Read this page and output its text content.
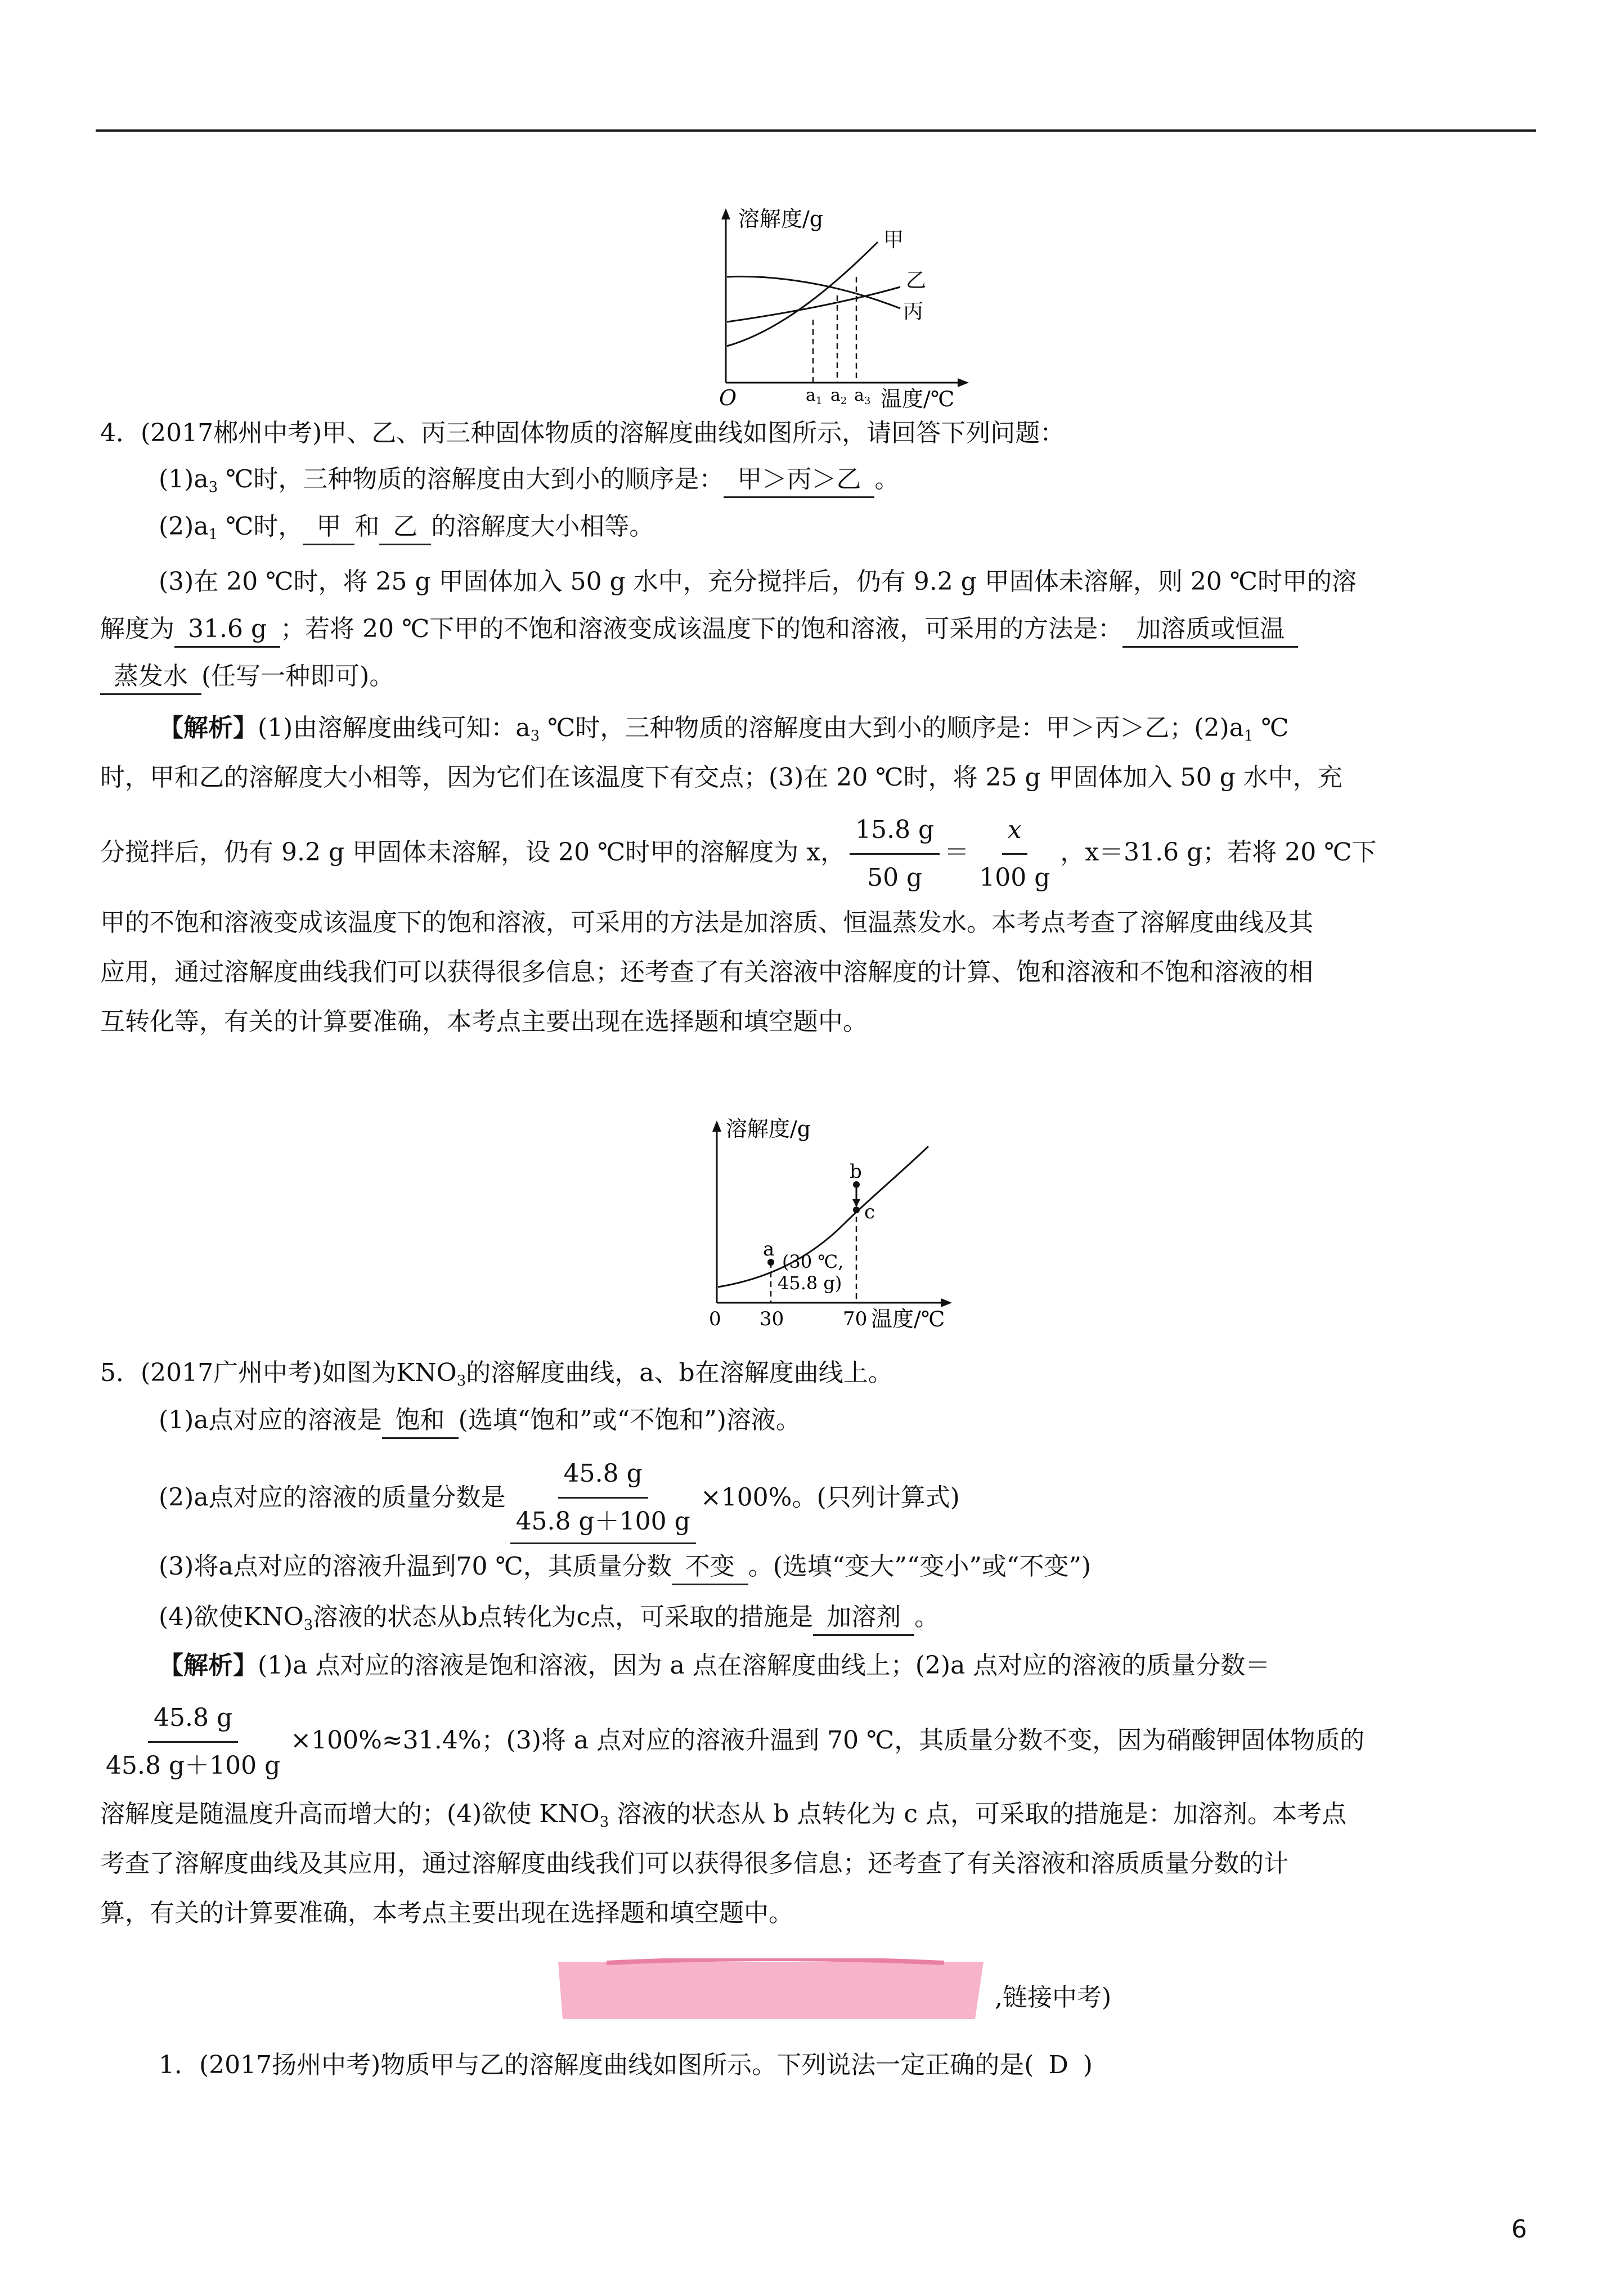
溶解度/g
O	温度/℃
甲
乙
丙
$a_1$ $a_2$ $a_3$
4．(2017郴州中考)甲、乙、丙三种固体物质的溶解度曲线如图所示，请回答下列问题：
$(1)a_3$ ℃时，三种物质的溶解度由大到小的顺序是： 甲＞丙＞乙 。
$(2)a_1$ ℃时， 甲 和 乙 的溶解度大小相等。
(3)在 20 ℃时，将 25 g 甲固体加入 50 g 水中，充分搅拌后，仍有 9.2 g 甲固体未溶解，则 20 ℃时甲的溶
解度为 31.6 g ；若将 20 ℃下甲的不饱和溶液变成该温度下的饱和溶液，可采用的方法是： 加溶质或恒温
蒸发水 (任写一种即可)。
【解析】(1)由溶解度曲线可知：$a_3$ ℃时，三种物质的溶解度由大到小的顺序是：甲＞丙＞乙；$(2)a_1$ ℃
时，甲和乙的溶解度大小相等，因为它们在该温度下有交点；(3)在 20 ℃时，将 25 g 甲固体加入 50 g 水中，充
分搅拌后，仍有 9.2 g 甲固体未溶解，设 20 ℃时甲的溶解度为 x， $\frac{15.8 g}{50 g} = \frac{x}{100 g}$ ，x＝31.6 g；若将 20 ℃下
甲的不饱和溶液变成该温度下的饱和溶液，可采用的方法是加溶质、恒温蒸发水。本考点考查了溶解度曲线及其
应用，通过溶解度曲线我们可以获得很多信息；还考查了有关溶液中溶解度的计算、饱和溶液和不饱和溶液的相
互转化等，有关的计算要准确，本考点主要出现在选择题和填空题中。
溶解度/g
0 30	70 温度/℃
a
b
c
(30 ℃,
45.8 g)
5．(2017广州中考)如图为$KNO_3$的溶解度曲线，a、b在溶解度曲线上。
(1)a点对应的溶液是 饱和 (选填“饱和”或“不饱和”)溶液。
(2)a点对应的溶液的质量分数是 $\frac{45.8 g}{45.8 g+100 g} \times 100\%$。(只列计算式)
(3)将a点对应的溶液升温到70 ℃，其质量分数 不变 。(选填“变大”“变小”或“不变”)
(4)欲使$KNO_3$溶液的状态从b点转化为c点，可采取的措施是 加溶剂 。
【解析】(1)a 点对应的溶液是饱和溶液，因为 a 点在溶解度曲线上；(2)a 点对应的溶液的质量分数＝
$\frac{45.8 g}{45.8 g+100 g} \times 100\%\approx 31.4\%$；(3)将 a 点对应的溶液升温到 70 ℃，其质量分数不变，因为硝酸钾固体物质的
溶解度是随温度升高而增大的；(4)欲使 $KNO_3$ 溶液的状态从 b 点转化为 c 点，可采取的措施是：加溶剂。本考点
考查了溶解度曲线及其应用，通过溶解度曲线我们可以获得很多信息；还考查了有关溶液和溶质质量分数的计
算，有关的计算要准确，本考点主要出现在选择题和填空题中。
,链接中考)
1．(2017扬州中考)物质甲与乙的溶解度曲线如图所示。下列说法一定正确的是( D )
6
